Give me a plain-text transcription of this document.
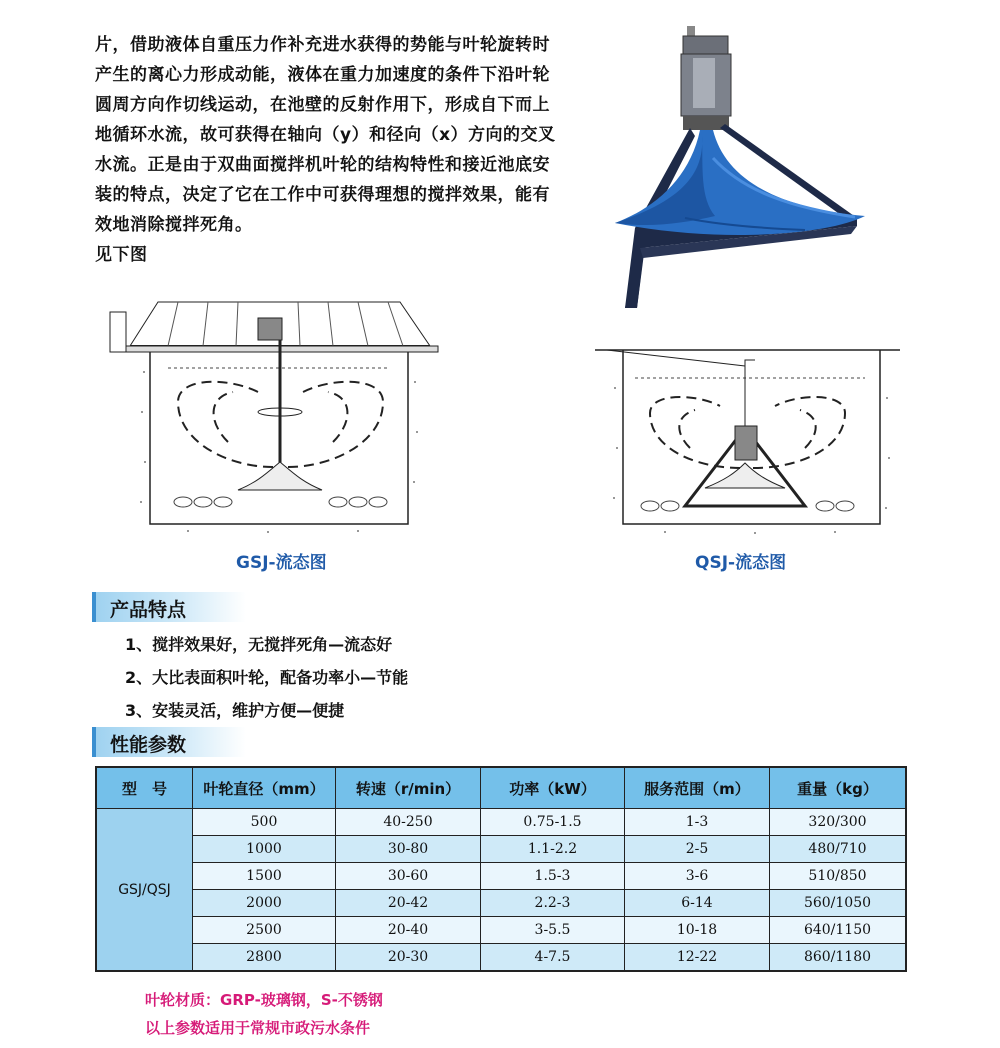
片，借助液体自重压力作补充进水获得的势能与叶轮旋转时

产生的离心力形成动能，液体在重力加速度的条件下沿叶轮

圆周方向作切线运动，在池壁的反射作用下，形成自下而上

地循环水流，故可获得在轴向（y）和径向（x）方向的交叉

水流。正是由于双曲面搅拌机叶轮的结构特性和接近池底安

装的特点，决定了它在工作中可获得理想的搅拌效果，能有

效地消除搅拌死角。

见下图

GSJ-流态图	QSJ-流态图
产品特点
1、搅拌效果好，无搅拌死角—流态好
2、大比表面积叶轮，配备功率小—节能
3、安装灵活，维护方便—便捷
性能参数
型　号	叶轮直径（mm）	转速（r/min）	功率（kW）	服务范围（m）	重量（kg）
GSJ/QSJ	500	40-250	0.75-1.5	1-3	320/300
	1000	30-80	1.1-2.2	2-5	480/710
	1500	30-60	1.5-3	3-6	510/850
	2000	20-42	2.2-3	6-14	560/1050
	2500	20-40	3-5.5	10-18	640/1150
	2800	20-30	4-7.5	12-22	860/1180
叶轮材质：GRP-玻璃钢，S-不锈钢
以上参数适用于常规市政污水条件
